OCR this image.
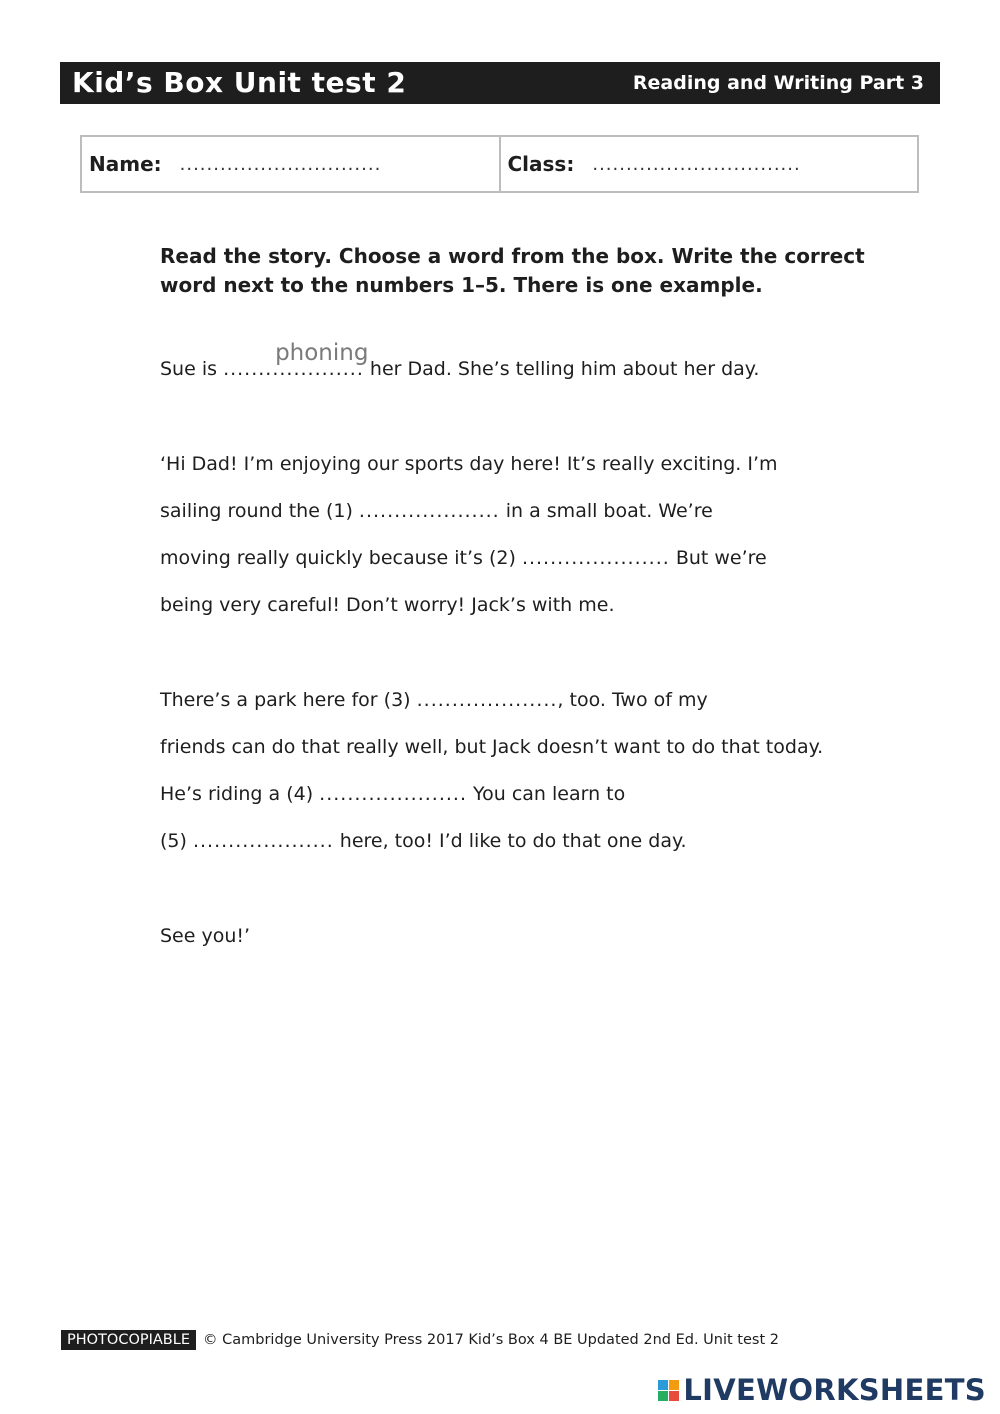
Kid’s Box Unit test 2	Reading and Writing Part 3
Name: ..............................	Class: ...............................
Read the story. Choose a word from the box. Write the correct word next to the numbers 1–5. There is one example.
Sue is ....................
phoning
her Dad. She’s telling him about her day.
‘Hi Dad! I’m enjoying our sports day here! It’s really exciting. I’m
sailing round the (1) .................... in a small boat. We’re
moving really quickly because it’s (2) ..................... But we’re
being very careful! Don’t worry! Jack’s with me.
There’s a park here for (3) ...................., too. Two of my
friends can do that really well, but Jack doesn’t want to do that today.
He’s riding a (4) ..................... You can learn to
(5) .................... here, too! I’d like to do that one day.
See you!’
PHOTOCOPIABLE © Cambridge University Press 2017 Kid’s Box 4 BE Updated 2nd Ed. Unit test 2
LIVEWORKSHEETS
